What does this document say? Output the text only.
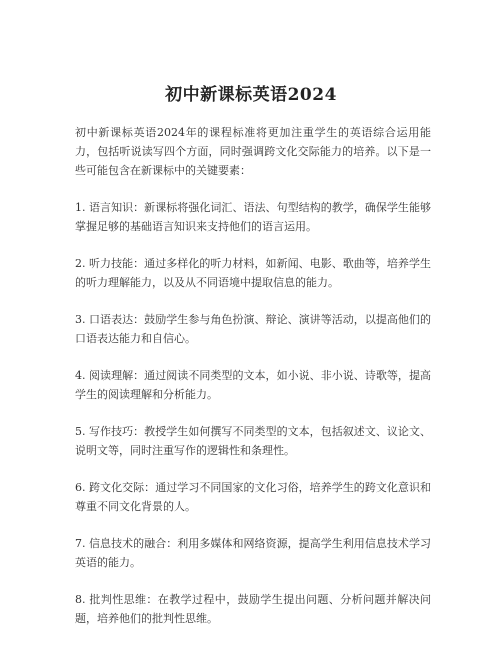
初中新课标英语2024

初中新课标英语2024年的课程标准将更加注重学生的英语综合运用能力，包括听说读写四个方面，同时强调跨文化交际能力的培养。以下是一些可能包含在新课标中的关键要素：

1. 语言知识：新课标将强化词汇、语法、句型结构的教学，确保学生能够掌握足够的基础语言知识来支持他们的语言运用。

2. 听力技能：通过多样化的听力材料，如新闻、电影、歌曲等，培养学生的听力理解能力，以及从不同语境中提取信息的能力。

3. 口语表达：鼓励学生参与角色扮演、辩论、演讲等活动，以提高他们的口语表达能力和自信心。

4. 阅读理解：通过阅读不同类型的文本，如小说、非小说、诗歌等，提高学生的阅读理解和分析能力。

5. 写作技巧：教授学生如何撰写不同类型的文本，包括叙述文、议论文、说明文等，同时注重写作的逻辑性和条理性。

6. 跨文化交际：通过学习不同国家的文化习俗，培养学生的跨文化意识和尊重不同文化背景的人。

7. 信息技术的融合：利用多媒体和网络资源，提高学生利用信息技术学习英语的能力。

8. 批判性思维：在教学过程中，鼓励学生提出问题、分析问题并解决问题，培养他们的批判性思维。
